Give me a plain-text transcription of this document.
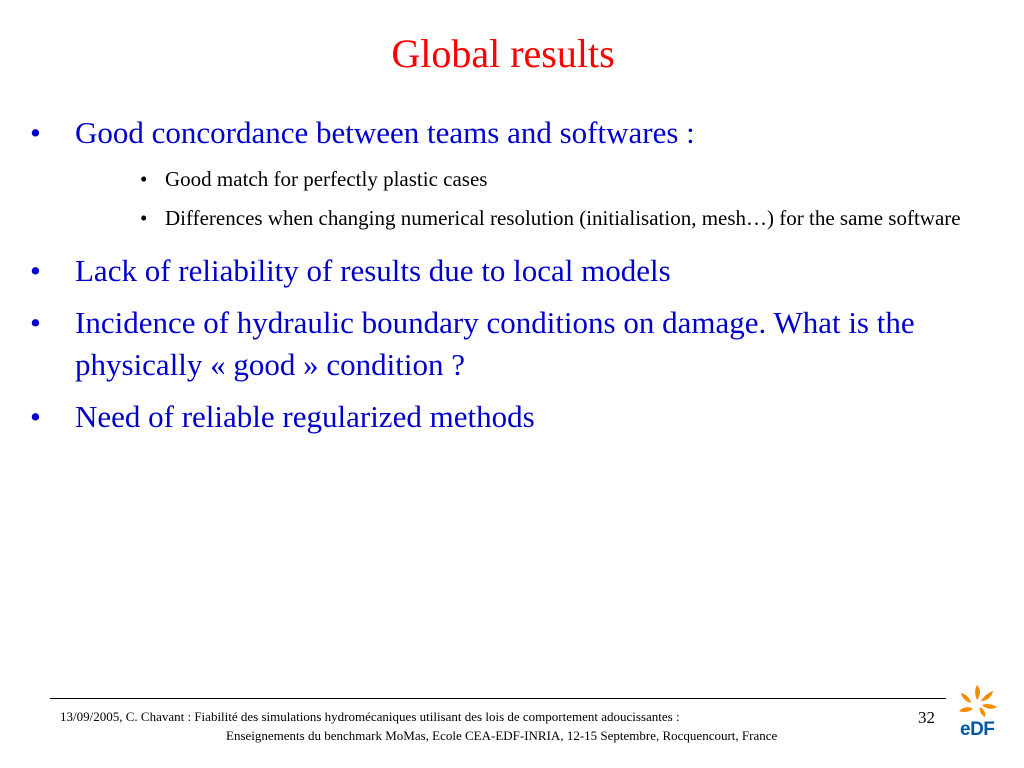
Global results
• Good concordance between teams and softwares :
• Good match for perfectly plastic cases
• Differences when changing numerical resolution (initialisation, mesh…) for the same software
• Lack of reliability of results due to local models
• Incidence of hydraulic boundary conditions on damage. What is the physically « good » condition ?
• Need of reliable regularized methods
13/09/2005, C. Chavant : Fiabilité des simulations hydromécaniques utilisant des lois de comportement adoucissantes :
Enseignements du benchmark MoMas, Ecole CEA-EDF-INRIA, 12-15 Septembre, Rocquencourt, France
32
eDF
